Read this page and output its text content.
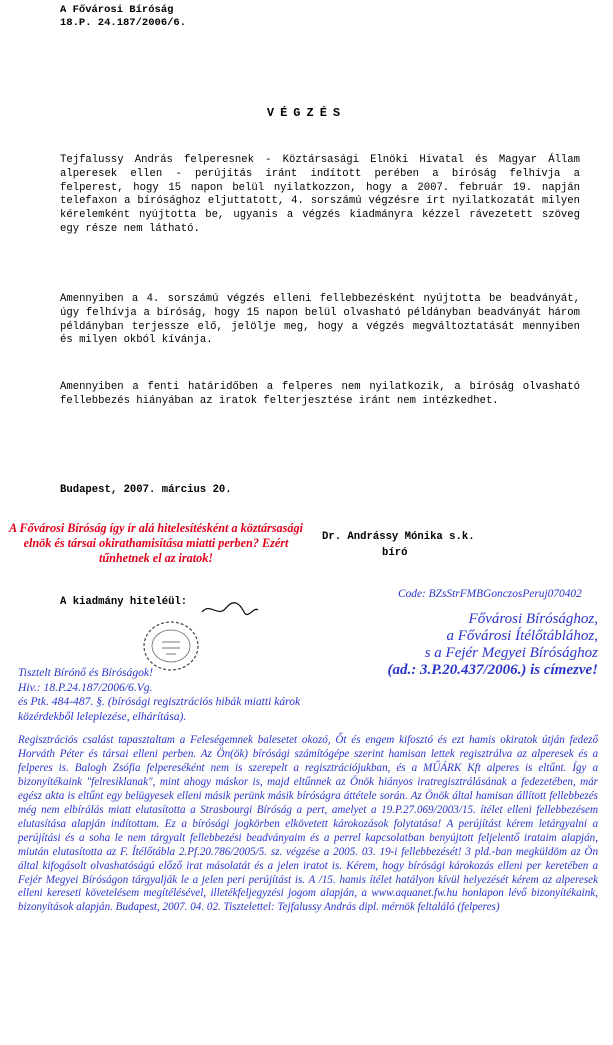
A Fővárosi Bíróság
18.P. 24.187/2006/6.
VÉGZÉS
Tejfalussy András felperesnek - Köztársasági Elnöki Hivatal és Magyar Állam alperesek ellen - perújítás iránt indított perében a bíróság felhívja a felperest, hogy 15 napon belül nyilatkozzon, hogy a 2007. február 19. napján telefaxon a bírósághoz eljuttatott, 4. sorszámú végzésre írt nyilatkozatát milyen kérelemként nyújtotta be, ugyanis a végzés kiadmányra kézzel rávezetett szöveg egy része nem látható.
Amennyiben a 4. sorszámú végzés elleni fellebbezésként nyújtotta be beadványát, úgy felhívja a bíróság, hogy 15 napon belül olvasható példányban beadványát három példányban terjessze elő, jelölje meg, hogy a végzés megváltoztatását mennyiben és milyen okból kívánja.
Amennyiben a fenti határidőben a felperes nem nyilatkozik, a bíróság olvasható fellebbezés hiányában az iratok felterjesztése iránt nem intézkedhet.
Budapest, 2007. március 20.
A Fővárosi Bíróság így ír alá hitelesítésként a köztársasági elnök és társai okirathamisítása miatti perben? Ezért tűnhetnek el az iratok!
Dr. Andrássy Mónika s.k.
bíró
A kiadmány hiteléül:
Code: BZsStrFMBGonczosPeruj070402
Fővárosi Bírósághoz,
a Fővárosi Ítélőtáblához,
s a Fejér Megyei Bírósághoz
(ad.: 3.P.20.437/2006.) is címezve!
Tisztelt Bírónő és Bíróságok!
Hiv.: 18.P.24.187/2006/6.Vg.
és Ptk. 484-487. §. (bírósági regisztrációs hibák miatti károk közérdekből leleplezése, elhárítása).
Regisztrációs csalást tapasztaltam a Feleségemnek balesetet okozó, Őt és engem kifosztó és ezt hamis okiratok útján fedező Horváth Péter és társai elleni perben. Az Ön(ök) bírósági számítógépe szerint hamisan lettek regisztrálva az alperesek és a felperes is. Balogh Zsófia felpereséként nem is szerepelt a regisztrációjukban, és a MŰÁRK Kft alperes is eltűnt. Így a bizonyítékaink "felresiklanak", mint ahogy máskor is, majd eltűnnek az Önök hiányos iratregisztrálásának a fedezetében, már egész akta is eltűnt egy belügyesek elleni másik perünk másik bíróságra áttétele során. Az Önök által hamisan állított fellebbezés még nem elbírálás miatt elutasította a Strasbourgi Bíróság a pert, amelyet a 19.P.27.069/2003/15. ítélet elleni fellebbezésem elutasítása alapján indítottam. Ez a bírósági jogkörben elkövetett károkozások folytatása! A perújítást kérem letárgyalni a perújítási és a soha le nem tárgyalt fellebbezési beadványaim és a perrel kapcsolatban benyújtott feljelentő irataim alapján, miután elutasította az F. Ítélőtábla 2.Pf.20.786/2005/5. sz. végzése a 2005. 03. 19-i fellebbezését! 3 pld.-ban megküldöm az Ön által kifogásolt olvashatóságú előző irat másolatát és a jelen iratot is. Kérem, hogy bírósági károkozás elleni per keretében a Fejér Megyei Bíróságon tárgyalják le a jelen peri perújítást is. A /15. hamis ítélet hatályon kívül helyezését kérem az alperesek elleni kereseti követelésem megítélésével, illetékfeljegyzési jogom alapján, a www.aquanet.fw.hu honlapon lévő bizonyítékaink, bizonyítások alapján. Budapest, 2007. 04. 02. Tisztelettel: Tejfalussy András dipl. mérnök feltaláló (felperes)
